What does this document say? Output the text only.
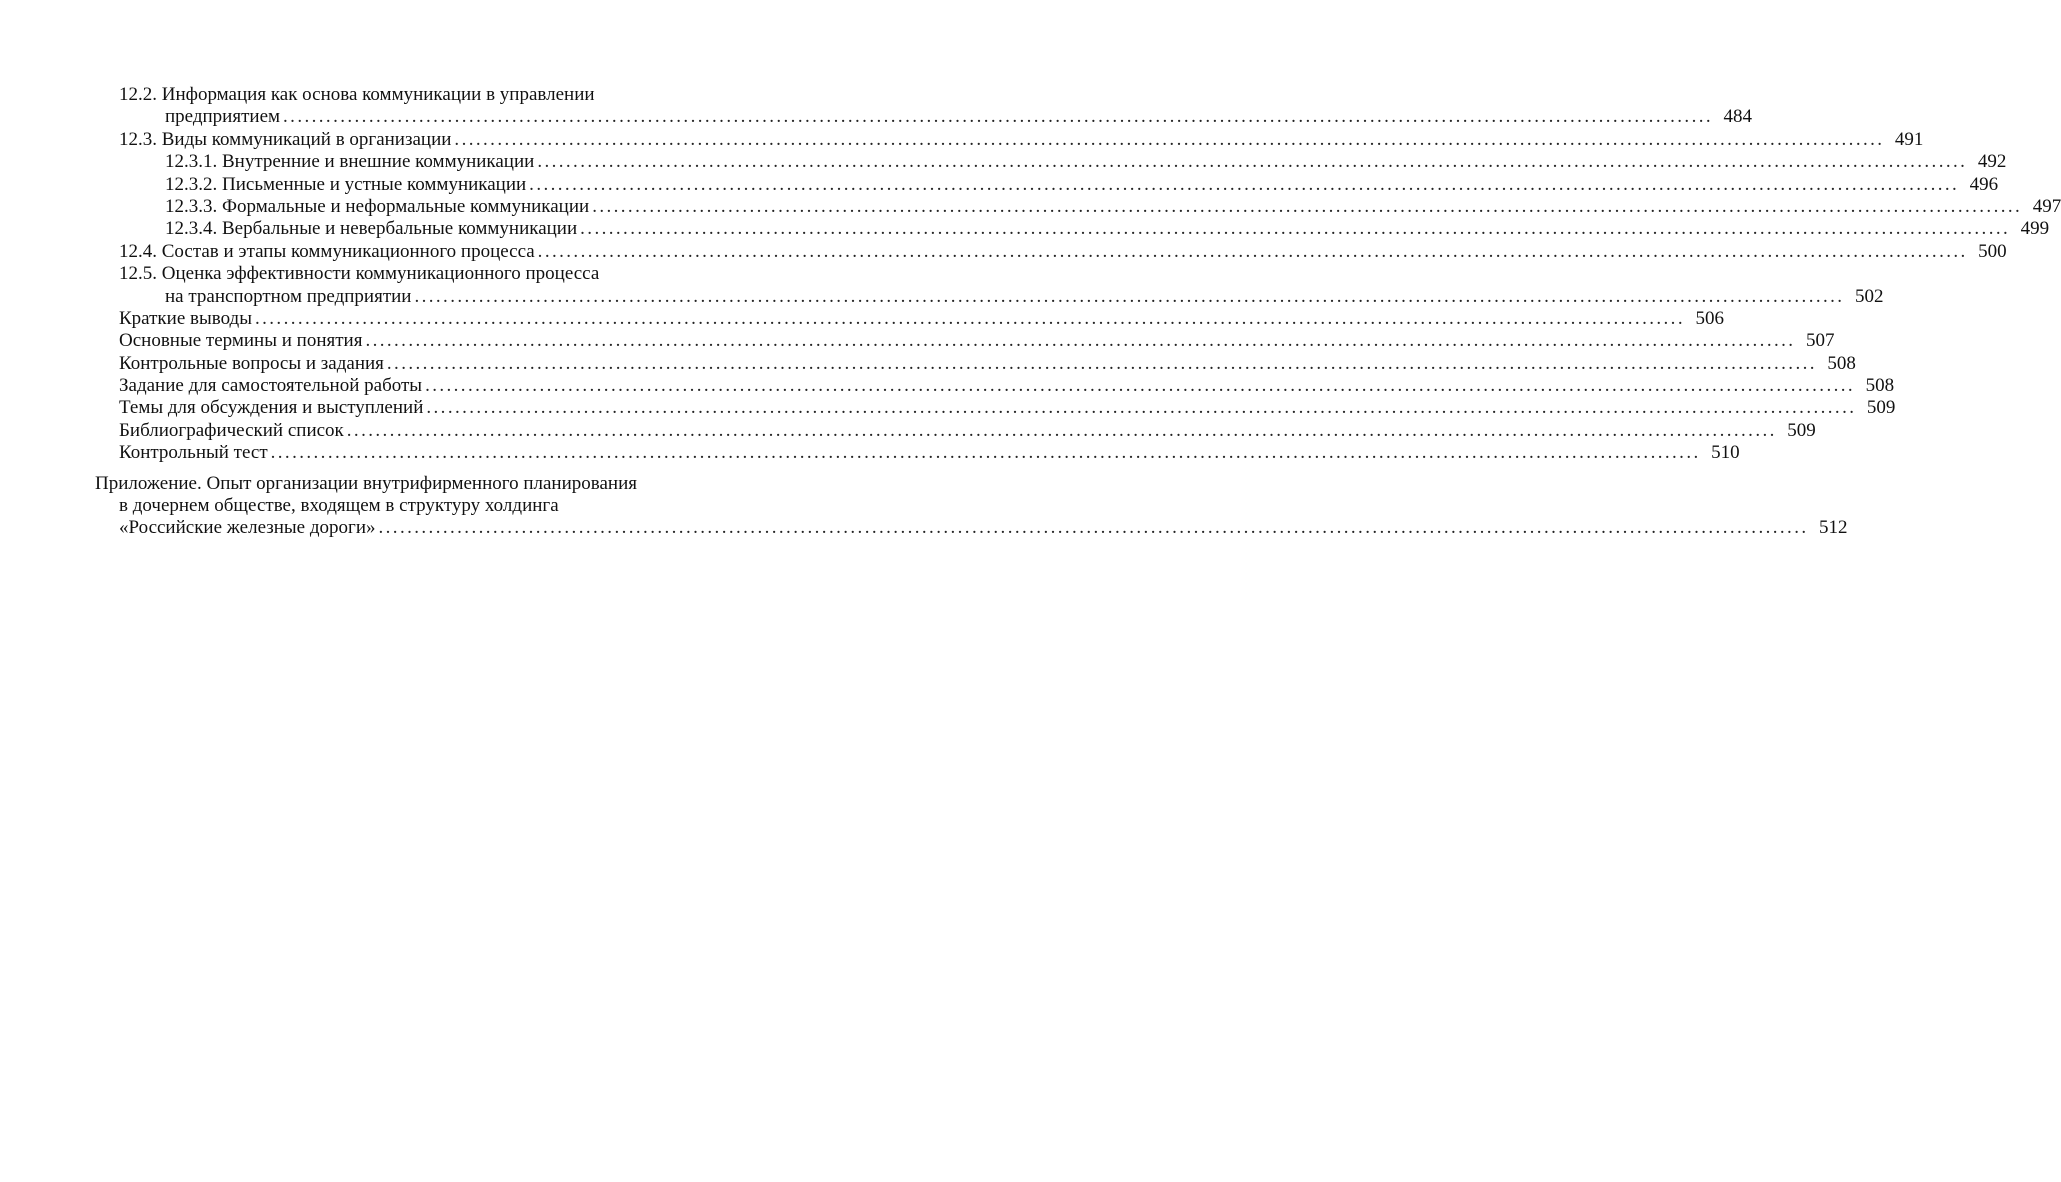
12.2. Информация как основа коммуникации в управлении
предприятием ........................................................................................................................................................................................................ 484
12.3. Виды коммуникаций в организации ........................................................................................................................................................................................................ 491
12.3.1. Внутренние и внешние коммуникации ........................................................................................................................................................................................................ 492
12.3.2. Письменные и устные коммуникации ........................................................................................................................................................................................................ 496
12.3.3. Формальные и неформальные коммуникации ........................................................................................................................................................................................................ 497
12.3.4. Вербальные и невербальные коммуникации ........................................................................................................................................................................................................ 499
12.4. Состав и этапы коммуникационного процесса ........................................................................................................................................................................................................ 500
12.5. Оценка эффективности коммуникационного процесса
на транспортном предприятии ........................................................................................................................................................................................................ 502
Краткие выводы ........................................................................................................................................................................................................ 506
Основные термины и понятия ........................................................................................................................................................................................................ 507
Контрольные вопросы и задания ........................................................................................................................................................................................................ 508
Задание для самостоятельной работы ........................................................................................................................................................................................................ 508
Темы для обсуждения и выступлений ........................................................................................................................................................................................................ 509
Библиографический список ........................................................................................................................................................................................................ 509
Контрольный тест ........................................................................................................................................................................................................ 510
Приложение. Опыт организации внутрифирменного планирования
в дочернем обществе, входящем в структуру холдинга
«Российские железные дороги» ........................................................................................................................................................................................................ 512
